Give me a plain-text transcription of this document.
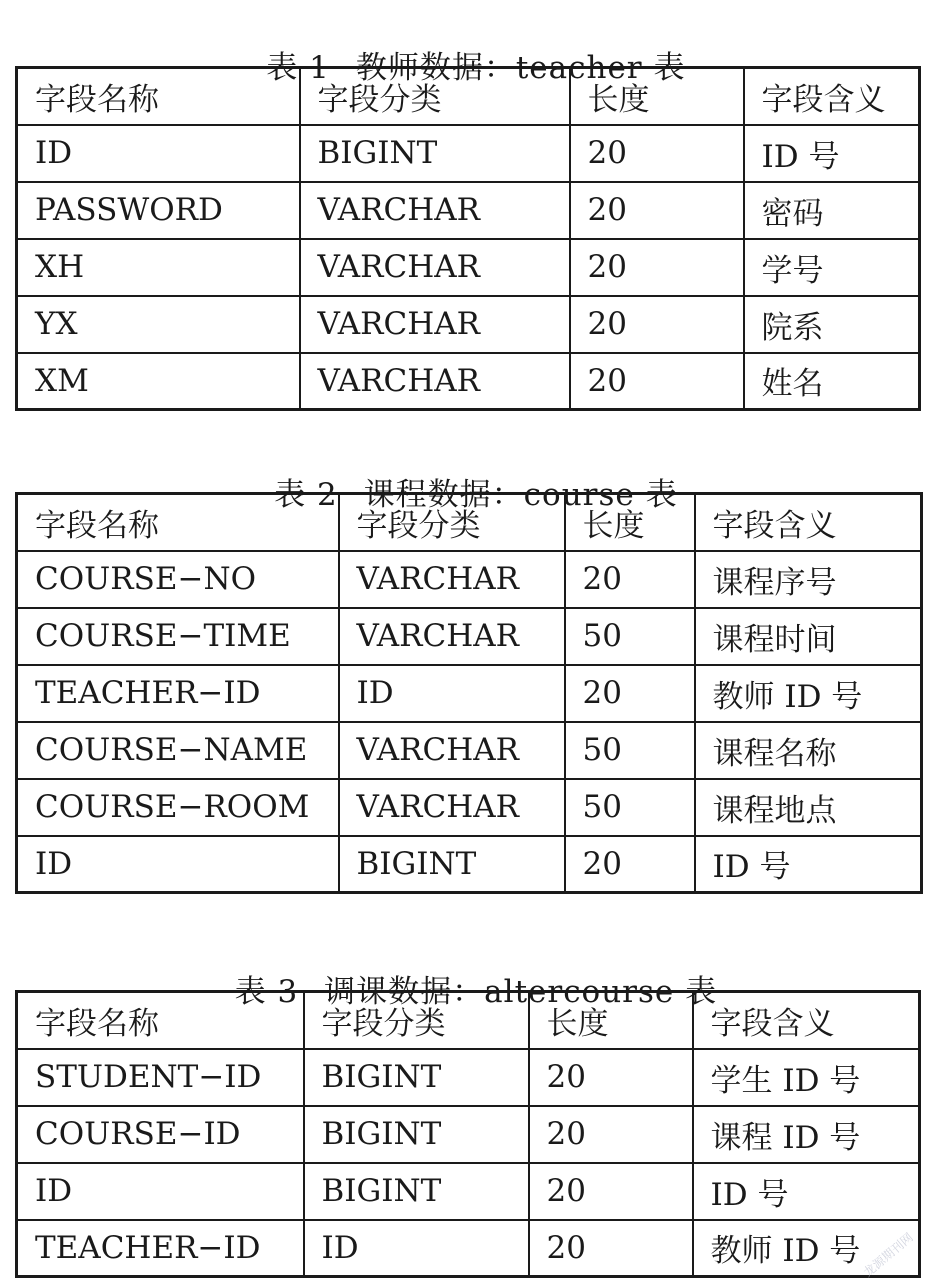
表 1 教师数据：teacher 表

字段名称	字段分类	长度	字段含义
ID	BIGINT	20	ID 号
PASSWORD	VARCHAR	20	密码
XH	VARCHAR	20	学号
YX	VARCHAR	20	院系
XM	VARCHAR	20	姓名

表 2 课程数据：course 表

字段名称	字段分类	长度	字段含义
COURSE−NO	VARCHAR	20	课程序号
COURSE−TIME	VARCHAR	50	课程时间
TEACHER−ID	ID	20	教师 ID 号
COURSE−NAME	VARCHAR	50	课程名称
COURSE−ROOM	VARCHAR	50	课程地点
ID	BIGINT	20	ID 号

表 3 调课数据：altercourse 表

字段名称	字段分类	长度	字段含义
STUDENT−ID	BIGINT	20	学生 ID 号
COURSE−ID	BIGINT	20	课程 ID 号
ID	BIGINT	20	ID 号
TEACHER−ID	ID	20	教师 ID 号 龙源期刊网
